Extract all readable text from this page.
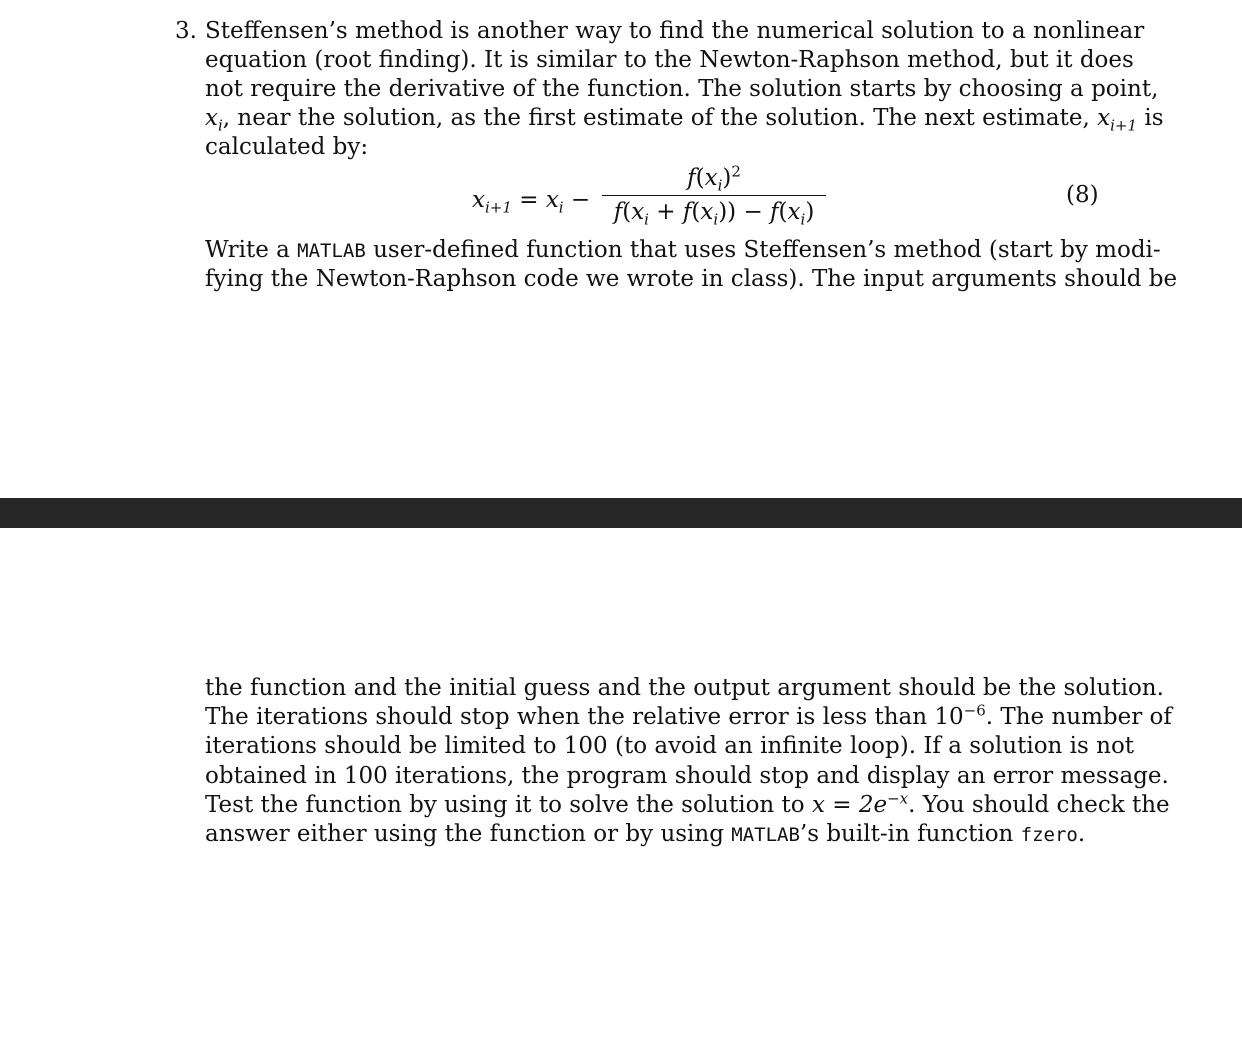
3. Steffensen’s method is another way to find the numerical solution to a nonlinear
equation (root finding). It is similar to the Newton-Raphson method, but it does
not require the derivative of the function. The solution starts by choosing a point,
$x_i$, near the solution, as the first estimate of the solution. The next estimate, $x_{i+1}$ is
calculated by:
$x_{i+1} = x_i$ −
$f(x_i)^2$
$f(x_i + f(x_i)) - f(x_i)$
(8)
Write a MATLAB user-defined function that uses Steffensen’s method (start by modi-
fying the Newton-Raphson code we wrote in class). The input arguments should be
the function and the initial guess and the output argument should be the solution.
The iterations should stop when the relative error is less than $10^{-6}$. The number of
iterations should be limited to 100 (to avoid an infinite loop). If a solution is not
obtained in 100 iterations, the program should stop and display an error message.
Test the function by using it to solve the solution to $x = 2e^{-x}$. You should check the
answer either using the function or by using MATLAB’s built-in function fzero.
